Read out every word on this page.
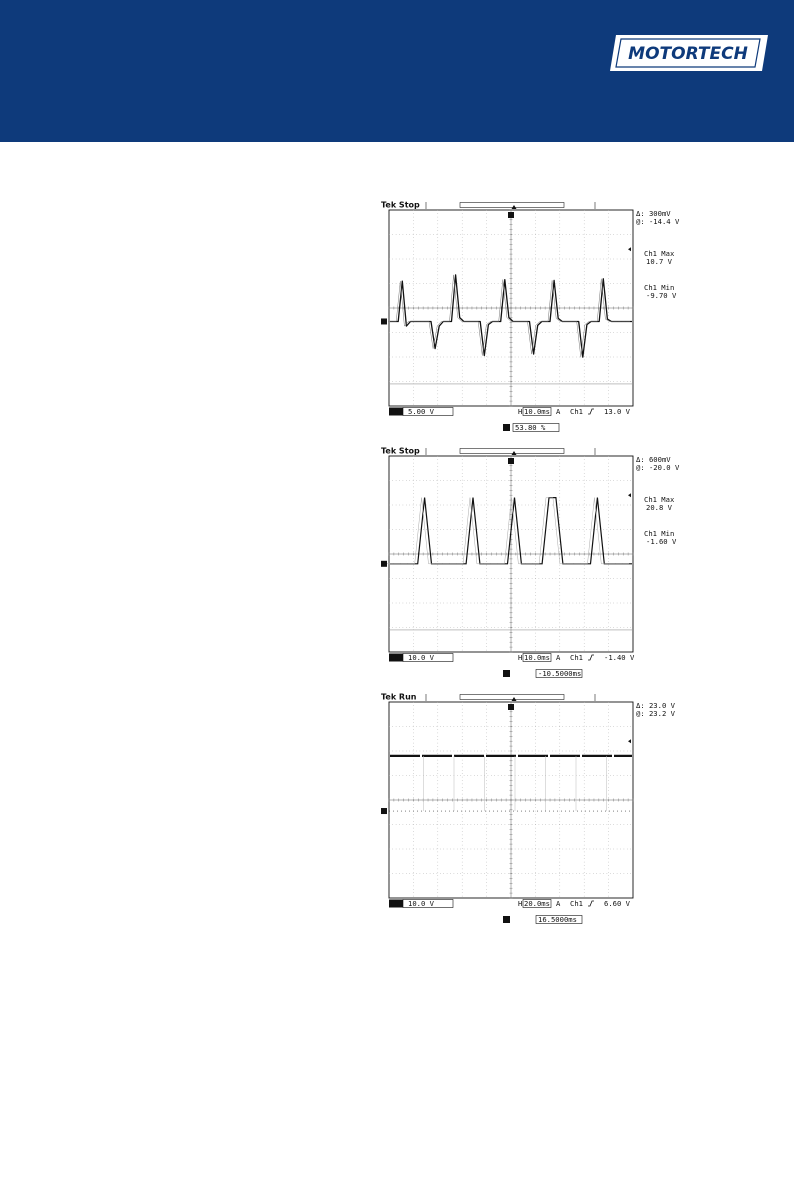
MOTORTECH
Tek Stop
Δ: 300mV
@: -14.4 V
Ch1 Max
10.7 V
Ch1 Min
-9.70 V
Ch1 5.00 V	H 10.0ms A Ch1	13.0 V
53.80 %
Tek Stop
Δ: 600mV
@: -20.0 V
Ch1 Max
20.8 V
Ch1 Min
-1.60 V
Ch1 10.0 V	H 10.0ms A Ch1	-1.40 V
-10.5000ms
Tek Run
Δ: 23.0 V
@: 23.2 V
Ch1 10.0 V	H 20.0ms A Ch1	6.60 V
16.5000ms
